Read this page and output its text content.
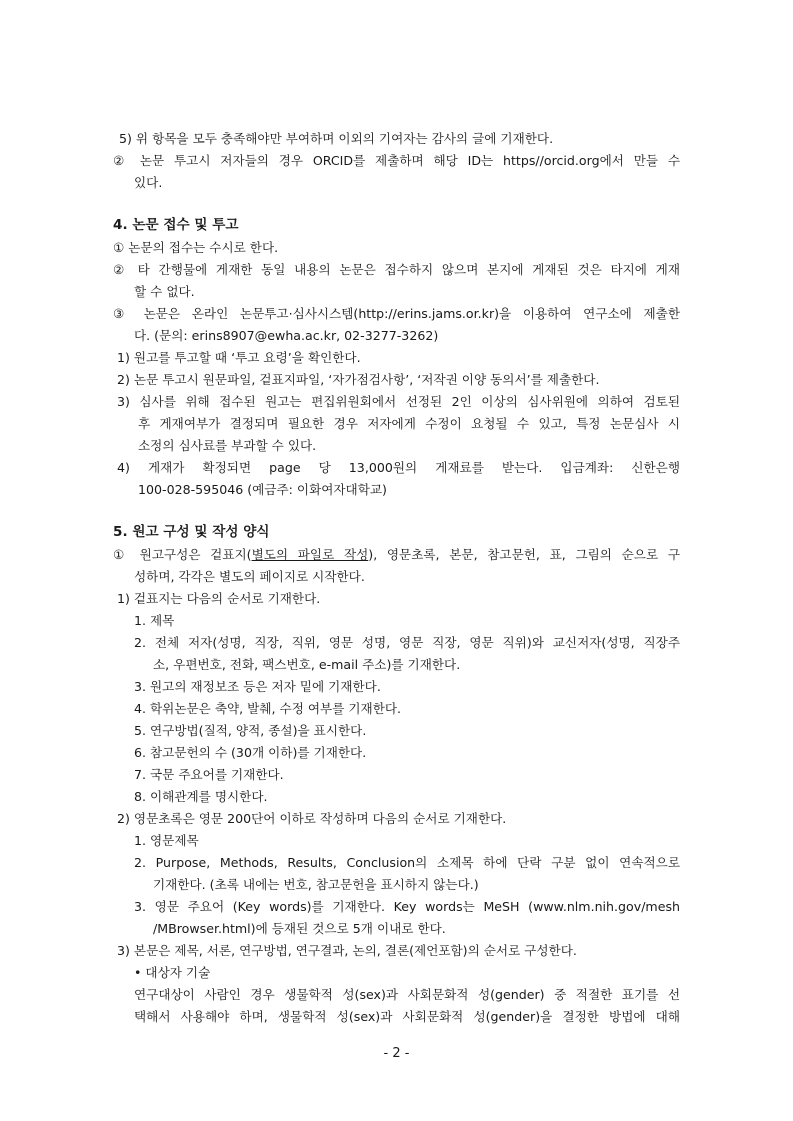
5) 위 항목을 모두 충족해야만 부여하며 이외의 기여자는 감사의 글에 기재한다.
② 논문 투고시 저자들의 경우 ORCID를 제출하며 해당 ID는 https//orcid.org에서 만들 수
있다.
4. 논문 접수 및 투고
① 논문의 접수는 수시로 한다.
② 타 간행물에 게재한 동일 내용의 논문은 접수하지 않으며 본지에 게재된 것은 타지에 게재
할 수 없다.
③ 논문은 온라인 논문투고·심사시스템(http://erins.jams.or.kr)을 이용하여 연구소에 제출한
다. (문의: erins8907@ewha.ac.kr, 02-3277-3262)
1) 원고를 투고할 때 ‘투고 요령’을 확인한다.
2) 논문 투고시 원문파일, 겉표지파일, ‘자가점검사항’, ‘저작권 이양 동의서’를 제출한다.
3) 심사를 위해 접수된 원고는 편집위원회에서 선정된 2인 이상의 심사위원에 의하여 검토된
후 게재여부가 결정되며 필요한 경우 저자에게 수정이 요청될 수 있고, 특정 논문심사 시
소정의 심사료를 부과할 수 있다.
4) 게재가 확정되면 page 당 13,000원의 게재료를 받는다. 입금계좌: 신한은행
100-028-595046 (예금주: 이화여자대학교)
5. 원고 구성 및 작성 양식
① 원고구성은 겉표지(별도의 파일로 작성), 영문초록, 본문, 참고문헌, 표, 그림의 순으로 구
성하며, 각각은 별도의 페이지로 시작한다.
1) 겉표지는 다음의 순서로 기재한다.
1. 제목
2. 전체 저자(성명, 직장, 직위, 영문 성명, 영문 직장, 영문 직위)와 교신저자(성명, 직장주
소, 우편번호, 전화, 팩스번호, e-mail 주소)를 기재한다.
3. 원고의 재정보조 등은 저자 밑에 기재한다.
4. 학위논문은 축약, 발췌, 수정 여부를 기재한다.
5. 연구방법(질적, 양적, 종설)을 표시한다.
6. 참고문헌의 수 (30개 이하)를 기재한다.
7. 국문 주요어를 기재한다.
8. 이해관계를 명시한다.
2) 영문초록은 영문 200단어 이하로 작성하며 다음의 순서로 기재한다.
1. 영문제목
2. Purpose, Methods, Results, Conclusion의 소제목 하에 단락 구분 없이 연속적으로
기재한다. (초록 내에는 번호, 참고문헌을 표시하지 않는다.)
3. 영문 주요어 (Key words)를 기재한다. Key words는 MeSH (www.nlm.nih.gov/mesh
/MBrowser.html)에 등재된 것으로 5개 이내로 한다.
3) 본문은 제목, 서론, 연구방법, 연구결과, 논의, 결론(제언포함)의 순서로 구성한다.
• 대상자 기술
연구대상이 사람인 경우 생물학적 성(sex)과 사회문화적 성(gender) 중 적절한 표기를 선
택해서 사용해야 하며, 생물학적 성(sex)과 사회문화적 성(gender)을 결정한 방법에 대해
- 2 -
